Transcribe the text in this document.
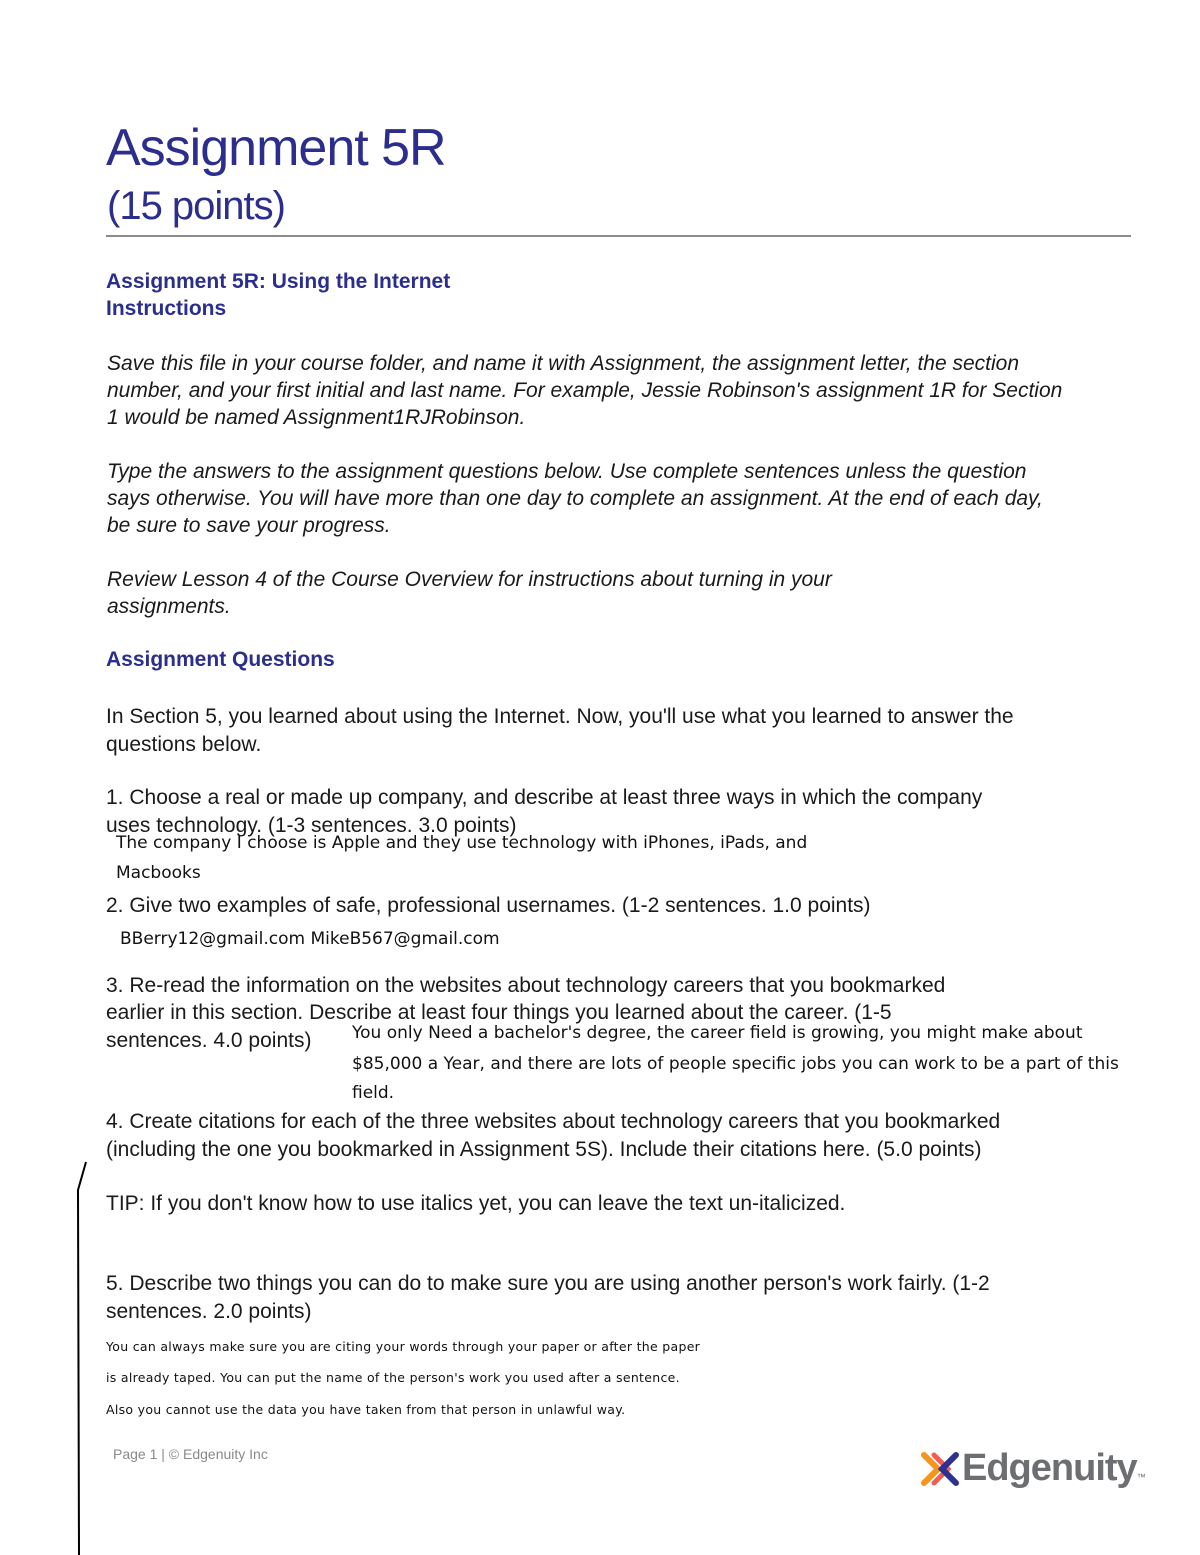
Assignment 5R
(15 points)
Assignment 5R: Using the Internet
Instructions
Save this file in your course folder, and name it with Assignment, the assignment letter, the section number, and your first initial and last name. For example, Jessie Robinson's assignment 1R for Section 1 would be named Assignment1RJRobinson.
Type the answers to the assignment questions below. Use complete sentences unless the question says otherwise. You will have more than one day to complete an assignment. At the end of each day, be sure to save your progress.
Review Lesson 4 of the Course Overview for instructions about turning in your assignments.
Assignment Questions
In Section 5, you learned about using the Internet. Now, you'll use what you learned to answer the questions below.
1. Choose a real or made up company, and describe at least three ways in which the company uses technology. (1-3 sentences. 3.0 points)
The company I choose is Apple and they use technology with iPhones, iPads, and
Macbooks
2. Give two examples of safe, professional usernames. (1-2 sentences. 1.0 points)
BBerry12@gmail.com MikeB567@gmail.com
3. Re-read the information on the websites about technology careers that you bookmarked
earlier in this section. Describe at least four things you learned about the career. (1-5
sentences. 4.0 points)	You only Need a bachelor's degree, the career field is growing, you might make about
$85,000 a Year, and there are lots of people specific jobs you can work to be a part of this
field.
4. Create citations for each of the three websites about technology careers that you bookmarked (including the one you bookmarked in Assignment 5S). Include their citations here. (5.0 points)
TIP: If you don't know how to use italics yet, you can leave the text un-italicized.
5. Describe two things you can do to make sure you are using another person's work fairly. (1-2 sentences. 2.0 points)
You can always make sure you are citing your words through your paper or after the paper
is already taped. You can put the name of the person's work you used after a sentence.
Also you cannot use the data you have taken from that person in unlawful way.
Page 1 | © Edgenuity Inc	Edgenuity ™
